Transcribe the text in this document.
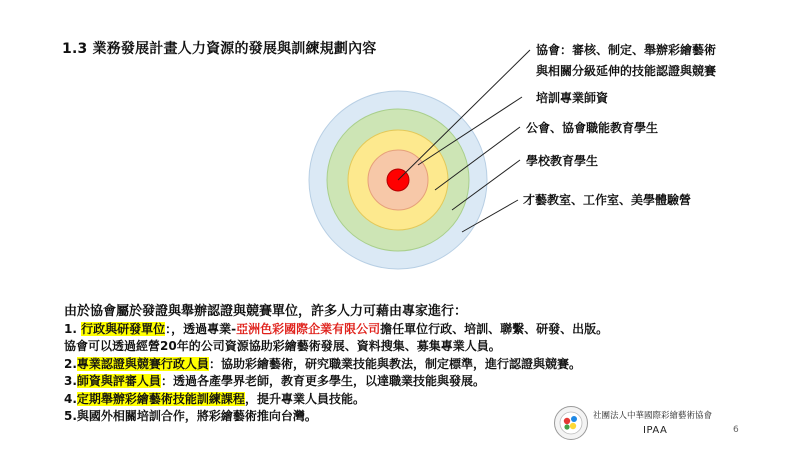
1.3 業務發展計畫人力資源的發展與訓練規劃內容	協會：審核、制定、舉辦彩繪藝術
與相關分級延伸的技能認證與競賽
培訓專業師資
公會、協會職能教育學生
學校教育學生
才藝教室、工作室、美學體驗營
由於協會屬於發證與舉辦認證與競賽單位，許多人力可藉由專家進行：
1. 行政與研發單位：，透過專業-亞洲色彩國際企業有限公司擔任單位行政、培訓、聯繫、研發、出版。
協會可以透過經營20年的公司資源協助彩繪藝術發展、資料搜集、募集專業人員。
2.專業認證與競賽行政人員：協助彩繪藝術，研究職業技能與教法，制定標準，進行認證與競賽。
3.師資與評審人員：透過各產學界老師，教育更多學生，以達職業技能與發展。
4.定期舉辦彩繪藝術技能訓練課程，提升專業人員技能。
5.與國外相關培訓合作，將彩繪藝術推向台灣。	社團法人中華國際彩繪藝術協會
IPAA	6
